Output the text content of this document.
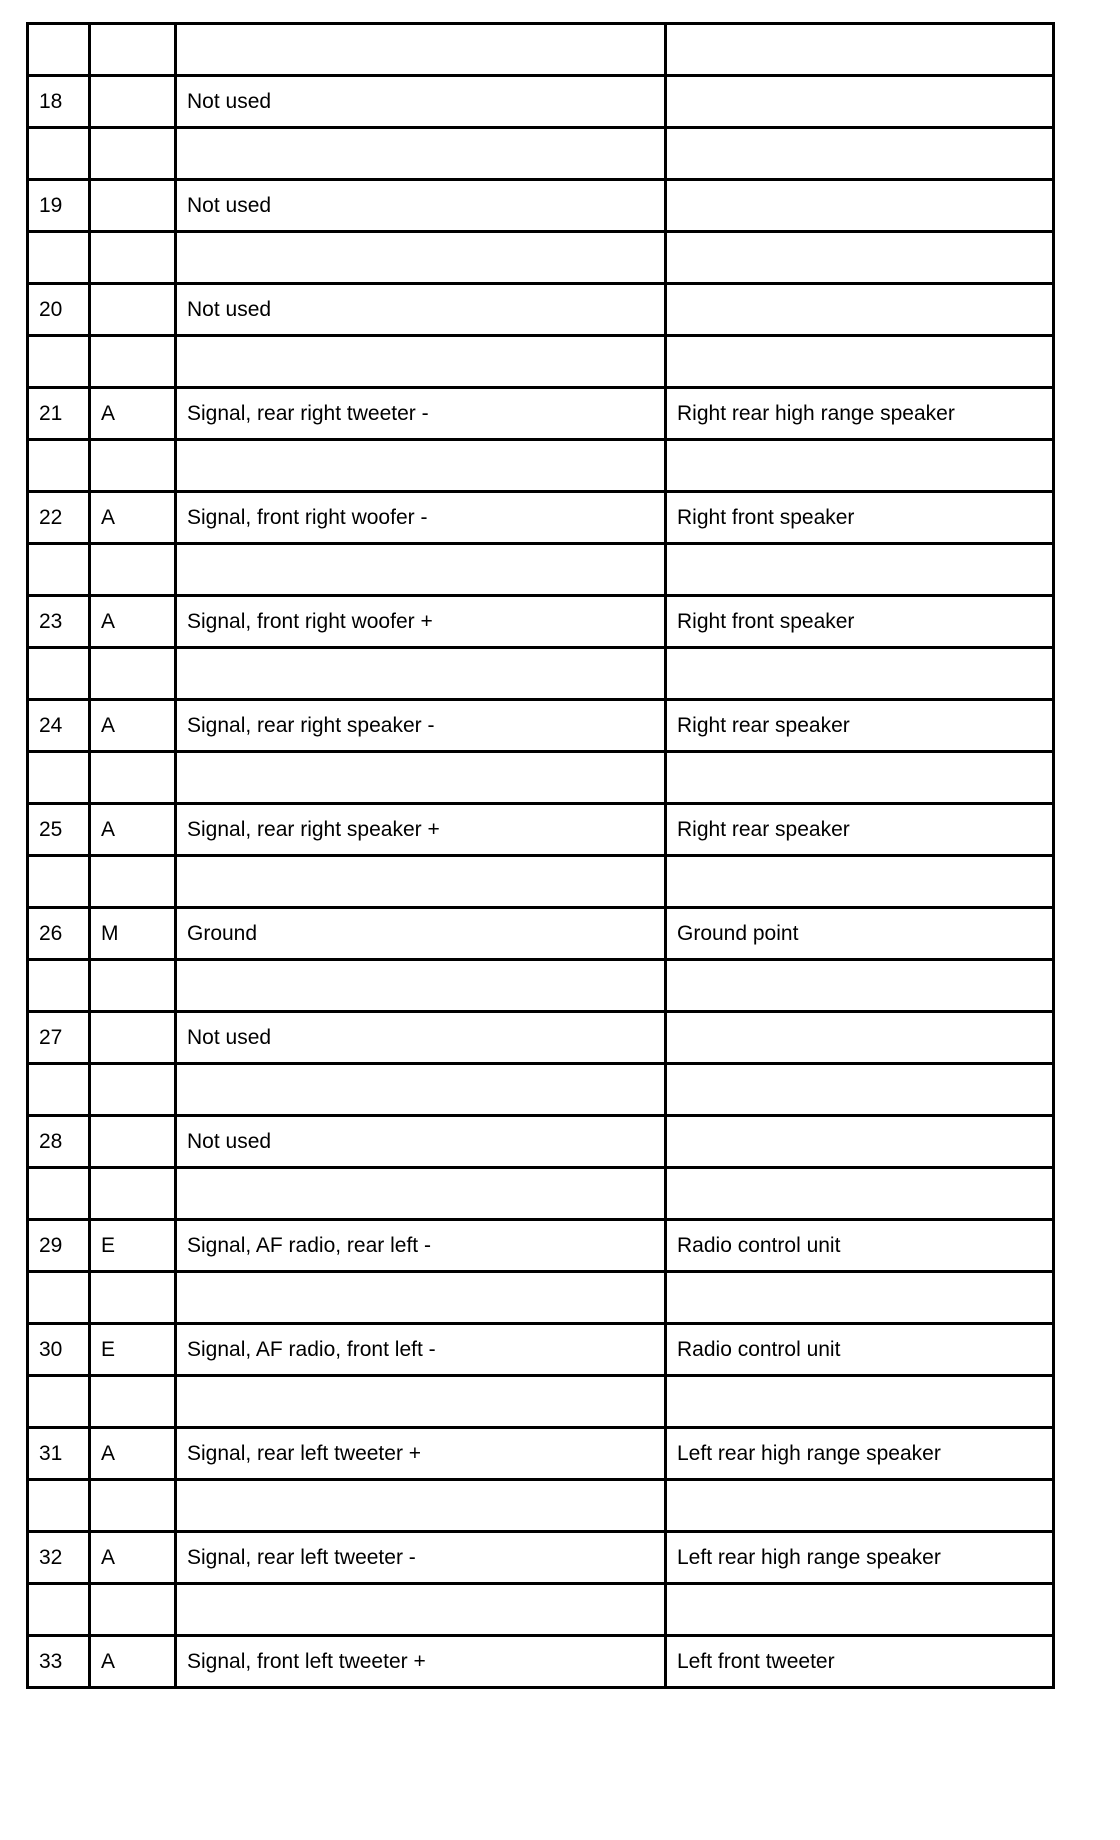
18		Not used	

19		Not used	

20		Not used	

21	A	Signal, rear right tweeter -	Right rear high range speaker

22	A	Signal, front right woofer -	Right front speaker

23	A	Signal, front right woofer +	Right front speaker

24	A	Signal, rear right speaker -	Right rear speaker

25	A	Signal, rear right speaker +	Right rear speaker

26	M	Ground	Ground point

27		Not used	

28		Not used	

29	E	Signal, AF radio, rear left -	Radio control unit

30	E	Signal, AF radio, front left -	Radio control unit

31	A	Signal, rear left tweeter +	Left rear high range speaker

32	A	Signal, rear left tweeter -	Left rear high range speaker

33	A	Signal, front left tweeter +	Left front tweeter
